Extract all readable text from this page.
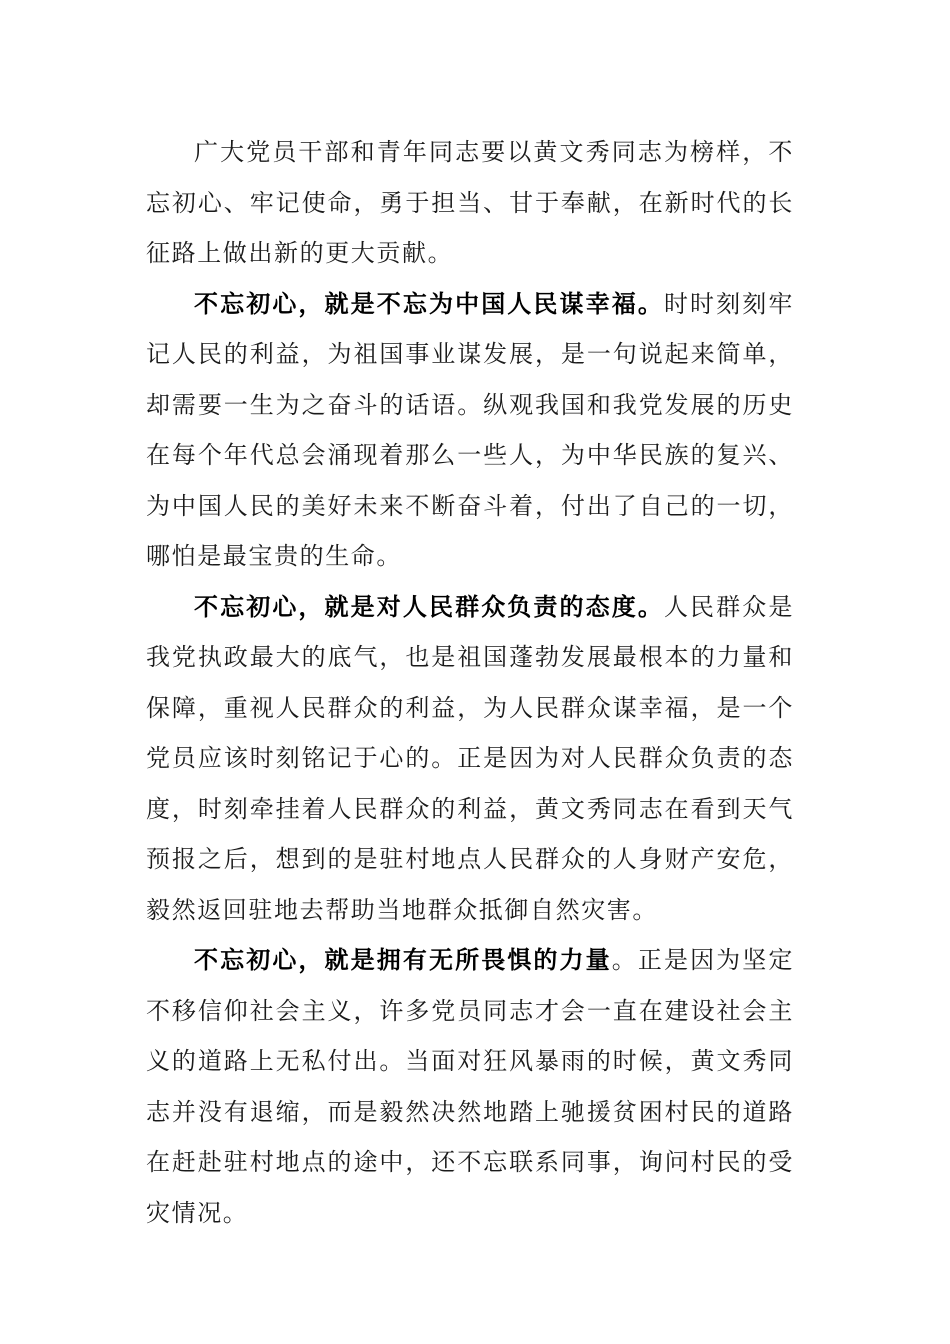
广大党员干部和青年同志要以黄文秀同志为榜样，不忘初心、牢记使命，勇于担当、甘于奉献，在新时代的长征路上做出新的更大贡献。

不忘初心，就是不忘为中国人民谋幸福。时时刻刻牢记人民的利益，为祖国事业谋发展，是一句说起来简单，却需要一生为之奋斗的话语。纵观我国和我党发展的历史在每个年代总会涌现着那么一些人，为中华民族的复兴、为中国人民的美好未来不断奋斗着，付出了自己的一切，哪怕是最宝贵的生命。

不忘初心，就是对人民群众负责的态度。人民群众是我党执政最大的底气，也是祖国蓬勃发展最根本的力量和保障，重视人民群众的利益，为人民群众谋幸福，是一个党员应该时刻铭记于心的。正是因为对人民群众负责的态度，时刻牵挂着人民群众的利益，黄文秀同志在看到天气预报之后，想到的是驻村地点人民群众的人身财产安危，毅然返回驻地去帮助当地群众抵御自然灾害。

不忘初心，就是拥有无所畏惧的力量。正是因为坚定不移信仰社会主义，许多党员同志才会一直在建设社会主义的道路上无私付出。当面对狂风暴雨的时候，黄文秀同志并没有退缩，而是毅然决然地踏上驰援贫困村民的道路在赶赴驻村地点的途中，还不忘联系同事，询问村民的受灾情况。
